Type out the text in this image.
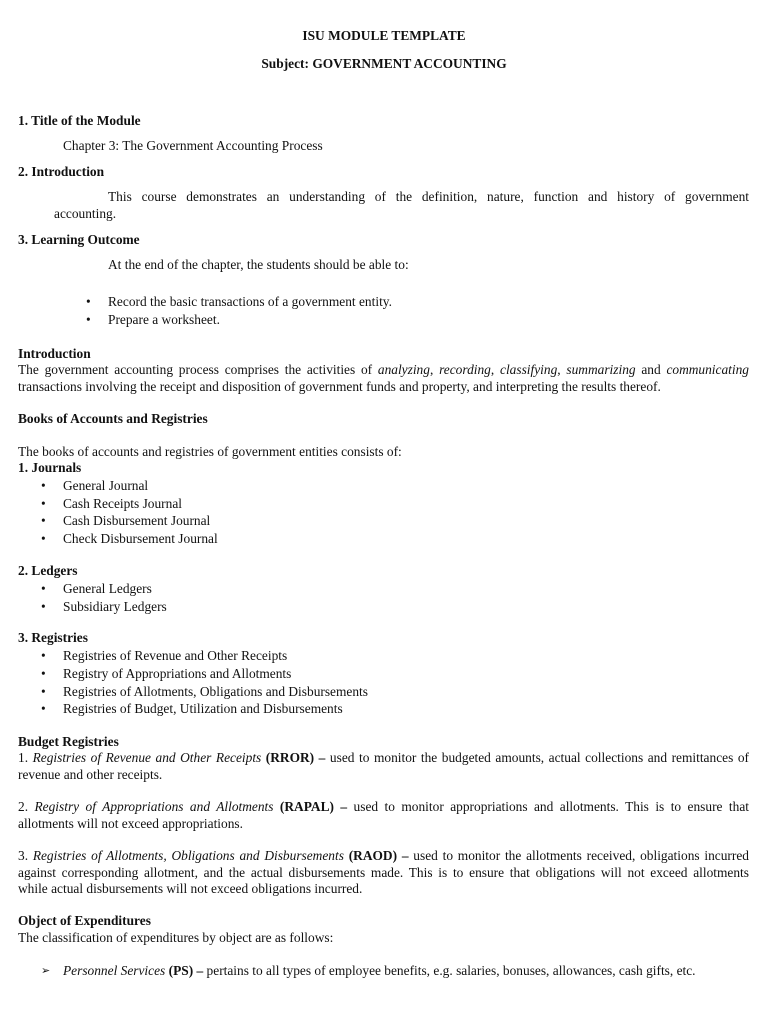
ISU MODULE TEMPLATE
Subject: GOVERNMENT ACCOUNTING
1. Title of the Module
Chapter 3: The Government Accounting Process
2. Introduction
This course demonstrates an understanding of the definition, nature, function and history of government
accounting.
3. Learning Outcome
At the end of the chapter, the students should be able to:
• Record the basic transactions of a government entity.
• Prepare a worksheet.
Introduction
The government accounting process comprises the activities of analyzing, recording, classifying, summarizing and communicating
transactions involving the receipt and disposition of government funds and property, and interpreting the results thereof.
Books of Accounts and Registries
The books of accounts and registries of government entities consists of:
1. Journals
• General Journal
• Cash Receipts Journal
• Cash Disbursement Journal
• Check Disbursement Journal
2. Ledgers
• General Ledgers
• Subsidiary Ledgers
3. Registries
• Registries of Revenue and Other Receipts
• Registry of Appropriations and Allotments
• Registries of Allotments, Obligations and Disbursements
• Registries of Budget, Utilization and Disbursements
Budget Registries
1. Registries of Revenue and Other Receipts (RROR) – used to monitor the budgeted amounts, actual collections and remittances of
revenue and other receipts.
2. Registry of Appropriations and Allotments (RAPAL) – used to monitor appropriations and allotments. This is to ensure that
allotments will not exceed appropriations.
3. Registries of Allotments, Obligations and Disbursements (RAOD) – used to monitor the allotments received, obligations incurred
against corresponding allotment, and the actual disbursements made. This is to ensure that obligations will not exceed allotments
while actual disbursements will not exceed obligations incurred.
Object of Expenditures
The classification of expenditures by object are as follows:
➢ Personnel Services (PS) – pertains to all types of employee benefits, e.g. salaries, bonuses, allowances, cash gifts, etc.
